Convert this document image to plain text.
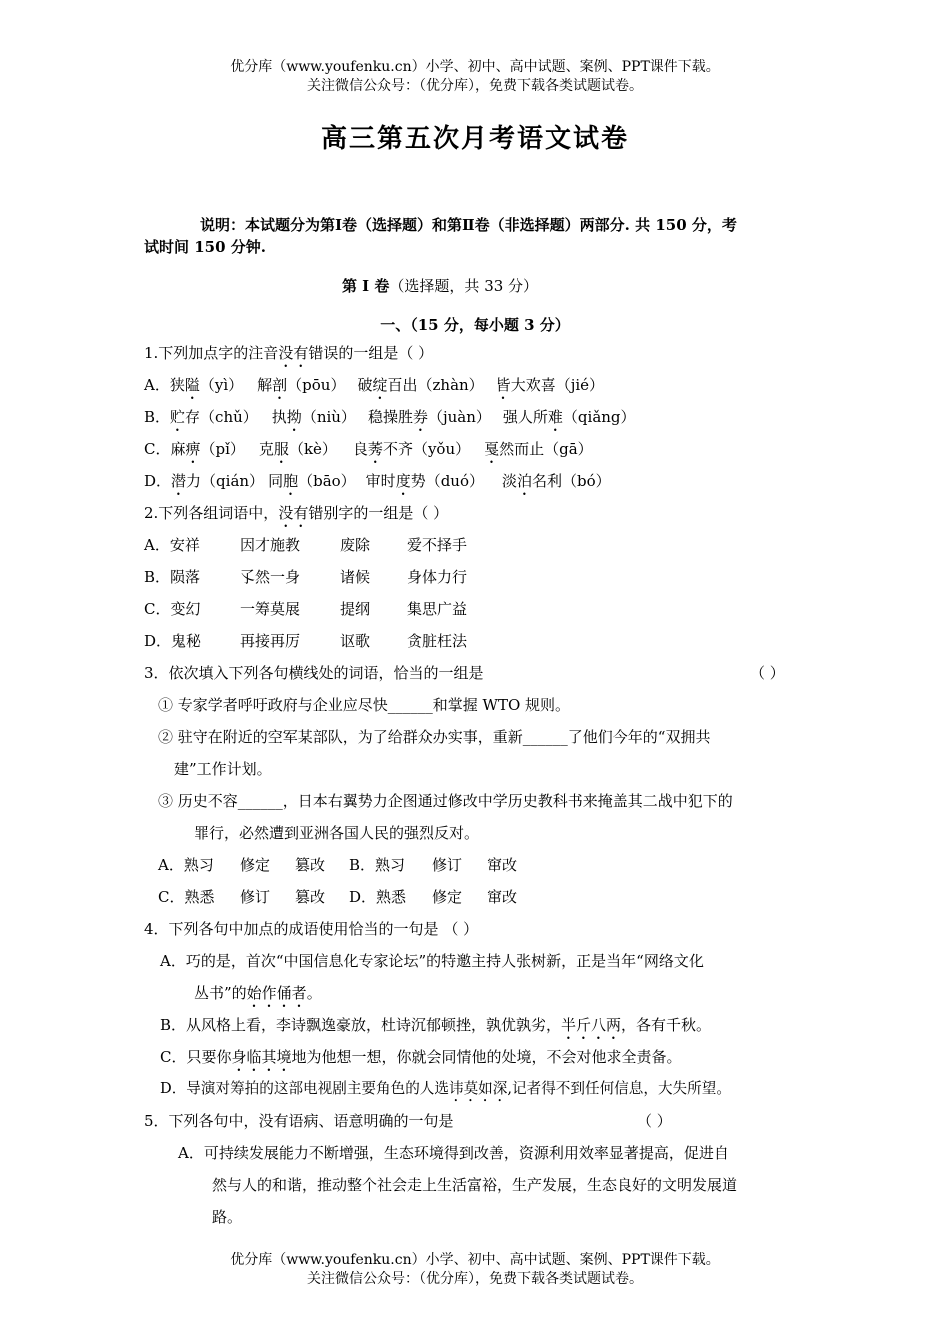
优分库（www.youfenku.cn）小学、初中、高中试题、案例、PPT课件下载。
关注微信公众号：（优分库），免费下载各类试题试卷。
高三第五次月考语文试卷
说明：本试题分为第Ⅰ卷（选择题）和第Ⅱ卷（非选择题）两部分. 共 150 分，考
试时间 150 分钟.
第 I 卷（选择题，共 33 分）
一、（15 分，每小题 3 分）
1.下列加点字的注音没有错误的一组是（ ）
A．狭隘（yì） 解剖（pōu） 破绽百出（zhàn） 皆大欢喜（jié）
B．贮存（chǔ） 执拗（niù） 稳操胜券（juàn） 强人所难（qiǎng）
C．麻痹（pǐ） 克服（kè） 良莠不齐（yǒu） 戛然而止（gā）
D．潜力（qián） 同胞（bāo） 审时度势（duó） 淡泊名利（bó）
2.下列各组词语中，没有错别字的一组是（ ）
A．安祥	因才施教	废除 爱不择手
B．陨落	孓然一身	诸候 身体力行
C．变幻	一筹莫展	提纲 集思广益
D．鬼秘	再接再厉	讴歌 贪脏枉法
3．依次填入下列各句横线处的词语，恰当的一组是	（ ）
① 专家学者呼吁政府与企业应尽快______和掌握 WTO 规则。
② 驻守在附近的空军某部队，为了给群众办实事，重新______了他们今年的“双拥共
建”工作计划。
③ 历史不容______，日本右翼势力企图通过修改中学历史教科书来掩盖其二战中犯下的
罪行，必然遭到亚洲各国人民的强烈反对。
A．熟习 修定 篡改 B．熟习 修订 窜改
C．熟悉 修订 篡改 D．熟悉 修定 窜改
4．下列各句中加点的成语使用恰当的一句是 （ ）
A．巧的是，首次“中国信息化专家论坛”的特邀主持人张树新，正是当年“网络文化
丛书”的始作俑者。
B．从风格上看，李诗飘逸豪放，杜诗沉郁顿挫，孰优孰劣，半斤八两，各有千秋。
C．只要你身临其境地为他想一想，你就会同情他的处境，不会对他求全责备。
D．导演对筹拍的这部电视剧主要角色的人选讳莫如深,记者得不到任何信息，大失所望。
5．下列各句中，没有语病、语意明确的一句是	（ ）
A．可持续发展能力不断增强，生态环境得到改善，资源利用效率显著提高，促进自
然与人的和谐，推动整个社会走上生活富裕，生产发展，生态良好的文明发展道
路。
优分库（www.youfenku.cn）小学、初中、高中试题、案例、PPT课件下载。
关注微信公众号：（优分库），免费下载各类试题试卷。
